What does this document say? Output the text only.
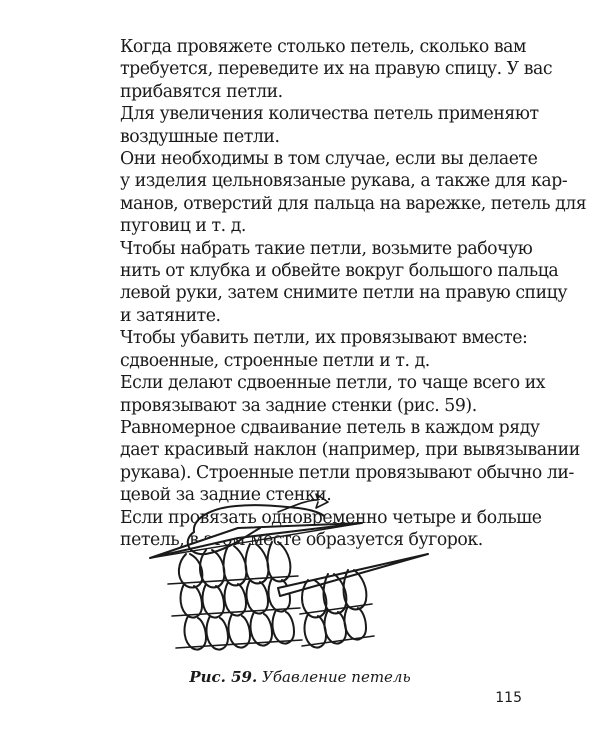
Когда провяжете столько петель, сколько вам
требуется, переведите их на правую спицу. У вас
прибавятся петли.

Для увеличения количества петель применяют
воздушные петли.

Они необходимы в том случае, если вы делаете
у изделия цельновязаные рукава, а также для кар-
манов, отверстий для пальца на варежке, петель для
пуговиц и т. д.

Чтобы набрать такие петли, возьмите рабочую
нить от клубка и обвейте вокруг большого пальца
левой руки, затем снимите петли на правую спицу
и затяните.

Чтобы убавить петли, их провязывают вместе:
сдвоенные, строенные петли и т. д.

Если делают сдвоенные петли, то чаще всего их
провязывают за задние стенки (рис. 59).

Равномерное сдваивание петель в каждом ряду
дает красивый наклон (например, при вывязывании
рукава). Строенные петли провязывают обычно ли-
цевой за задние стенки.

Если провязать одновременно четыре и больше
петель, в этом месте образуется бугорок.

Рис. 59. Убавление петель
115
